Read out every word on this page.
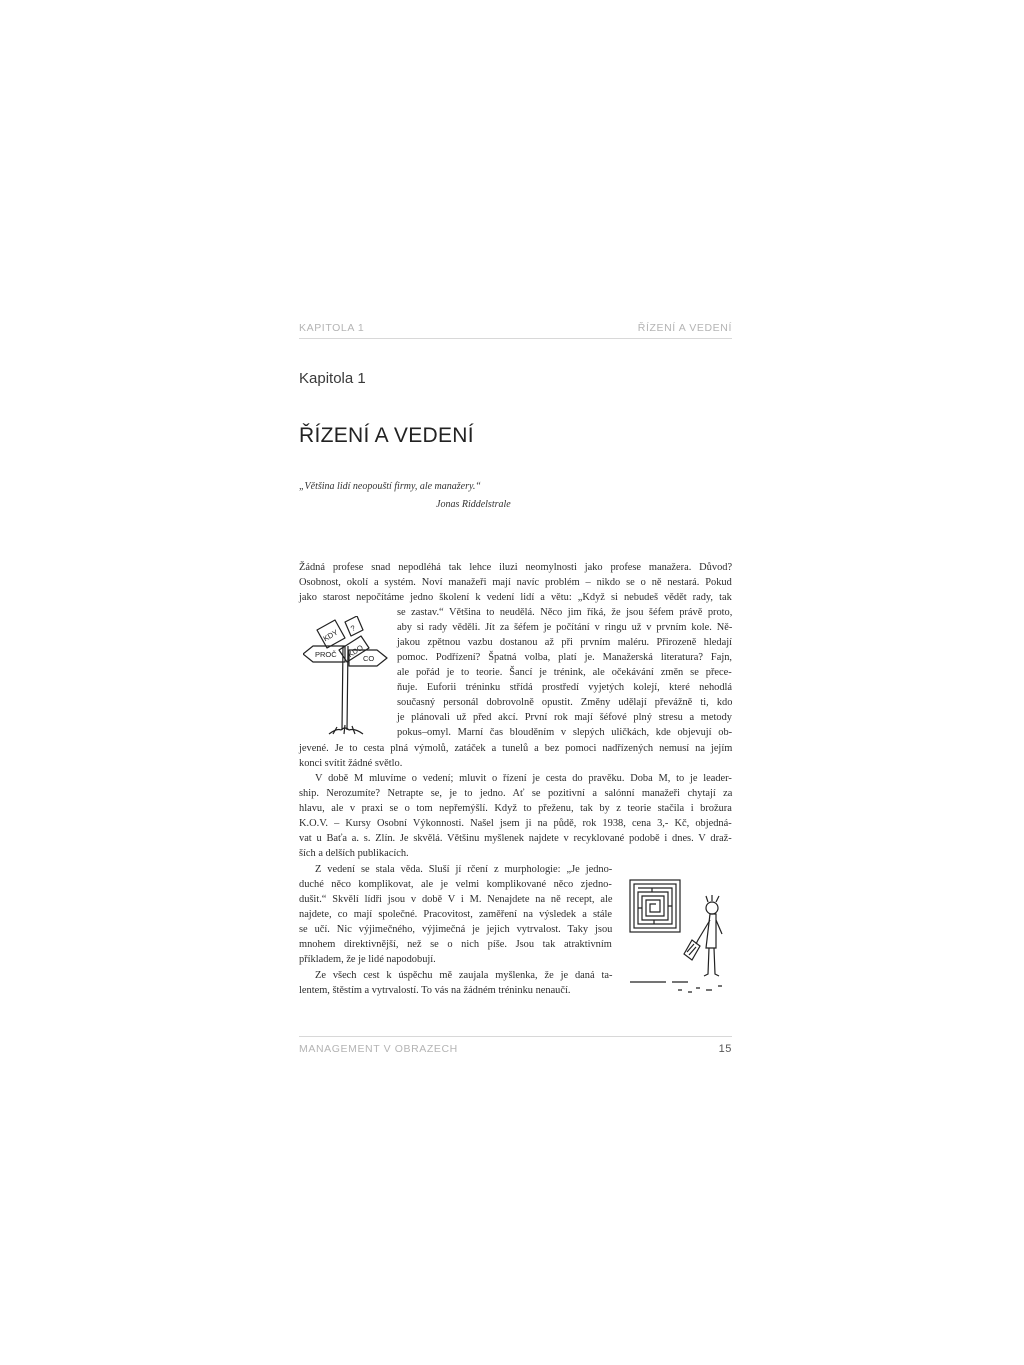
KAPITOLA 1	ŘÍZENÍ A VEDENÍ
Kapitola 1
ŘÍZENÍ A VEDENÍ
„Většina lidí neopouští firmy, ale manažery.“
Jonas Riddelstrale
Žádná profese snad nepodléhá tak lehce iluzi neomylnosti jako profese manažera. Důvod?
Osobnost, okolí a systém. Noví manažeři mají navíc problém – nikdo se o ně nestará. Pokud
jako starost nepočítáme jedno školení k vedení lidí a větu: „Když si nebudeš vědět rady, tak
se zastav.“ Většina to neudělá. Něco jim říká, že jsou šéfem právě proto,
aby si rady věděli. Jít za šéfem je počítání v ringu už v prvním kole. Ně-
jakou zpětnou vazbu dostanou až při prvním maléru. Přirozeně hledají
pomoc. Podřízení? Špatná volba, platí je. Manažerská literatura? Fajn,
ale pořád je to teorie. Šancí je trénink, ale očekávání změn se přece-
ňuje. Euforii tréninku střídá prostředí vyjetých kolejí, které nehodlá
současný personál dobrovolně opustit. Změny udělají převážně ti, kdo
je plánovali už před akcí. První rok mají šéfové plný stresu a metody
pokus–omyl. Marní čas blouděním v slepých uličkách, kde objevují ob-
jevené. Je to cesta plná výmolů, zatáček a tunelů a bez pomoci nadřízených nemusí na jejím
konci svítit žádné světlo.
V době M mluvíme o vedení; mluvit o řízení je cesta do pravěku. Doba M, to je leader-
ship. Nerozumíte? Netrapte se, je to jedno. Ať se pozitivní a salónní manažeři chytají za
hlavu, ale v praxi se o tom nepřemýšlí. Když to přeženu, tak by z teorie stačila i brožura
K.O.V. – Kursy Osobní Výkonnosti. Našel jsem ji na půdě, rok 1938, cena 3,- Kč, objedná-
vat u Baťa a. s. Zlín. Je skvělá. Většinu myšlenek najdete v recyklované podobě i dnes. V draž-
ších a delších publikacích.
Z vedení se stala věda. Sluší jí rčení z murphologie: „Je jedno-
duché něco komplikovat, ale je velmi komplikované něco zjedno-
dušit.“ Skvělí lídři jsou v době V i M. Nenajdete na ně recept, ale
najdete, co mají společné. Pracovitost, zaměření na výsledek a stále
se učí. Nic výjimečného, výjimečná je jejich vytrvalost. Taky jsou
mnohem direktivnější, než se o nich píše. Jsou tak atraktivním
příkladem, že je lidé napodobují.
Ze všech cest k úspěchu mě zaujala myšlenka, že je daná ta-
lentem, štěstím a vytrvalostí. To vás na žádném tréninku nenaučí.
KDY ?
KDO
PROČ	CO
MANAGEMENT V OBRAZECH	15
